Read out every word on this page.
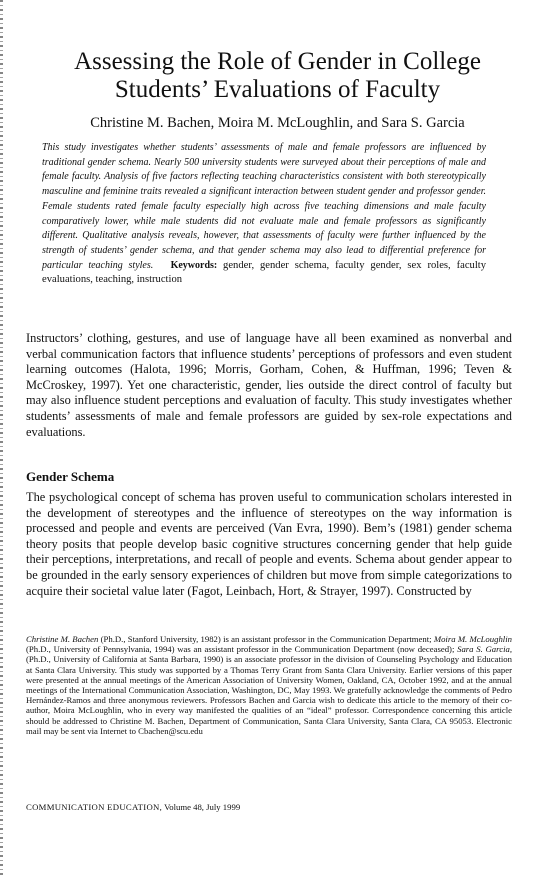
Assessing the Role of Gender in College
Students’ Evaluations of Faculty

Christine M. Bachen, Moira M. McLoughlin, and Sara S. Garcia

This study investigates whether students’ assessments of male and female professors are influenced by traditional gender schema. Nearly 500 university students were surveyed about their perceptions of male and female faculty. Analysis of five factors reflecting teaching characteristics consistent with both stereotypically masculine and feminine traits revealed a significant interaction between student gender and professor gender. Female students rated female faculty especially high across five teaching dimensions and male faculty comparatively lower, while male students did not evaluate male and female professors as significantly different. Qualitative analysis reveals, however, that assessments of faculty were further influenced by the strength of students’ gender schema, and that gender schema may also lead to differential preference for particular teaching styles. Keywords: gender, gender schema, faculty gender, sex roles, faculty evaluations, teaching, instruction

Instructors’ clothing, gestures, and use of language have all been examined as nonverbal and verbal communication factors that influence students’ perceptions of professors and even student learning outcomes (Halota, 1996; Morris, Gorham, Cohen, & Huffman, 1996; Teven & McCroskey, 1997). Yet one characteristic, gender, lies outside the direct control of faculty but may also influence student perceptions and evaluation of faculty. This study investigates whether students’ assessments of male and female professors are guided by sex-role expectations and evaluations.

Gender Schema

The psychological concept of schema has proven useful to communication scholars interested in the development of stereotypes and the influence of stereotypes on the way information is processed and people and events are perceived (Van Evra, 1990). Bem’s (1981) gender schema theory posits that people develop basic cognitive structures concerning gender that help guide their perceptions, interpretations, and recall of people and events. Schema about gender appear to be grounded in the early sensory experiences of children but move from simple categorizations to acquire their societal value later (Fagot, Leinbach, Hort, & Strayer, 1997). Constructed by

Christine M. Bachen (Ph.D., Stanford University, 1982) is an assistant professor in the Communication Department; Moira M. McLoughlin (Ph.D., University of Pennsylvania, 1994) was an assistant professor in the Communication Department (now deceased); Sara S. Garcia, (Ph.D., University of California at Santa Barbara, 1990) is an associate professor in the division of Counseling Psychology and Education at Santa Clara University. This study was supported by a Thomas Terry Grant from Santa Clara University. Earlier versions of this paper were presented at the annual meetings of the American Association of University Women, Oakland, CA, October 1992, and at the annual meetings of the International Communication Association, Washington, DC, May 1993. We gratefully acknowledge the comments of Pedro Hernández-Ramos and three anonymous reviewers. Professors Bachen and Garcia wish to dedicate this article to the memory of their co-author, Moira McLoughlin, who in every way manifested the qualities of an “ideal” professor. Correspondence concerning this article should be addressed to Christine M. Bachen, Department of Communication, Santa Clara University, Santa Clara, CA 95053. Electronic mail may be sent via Internet to Cbachen@scu.edu

COMMUNICATION EDUCATION, Volume 48, July 1999
